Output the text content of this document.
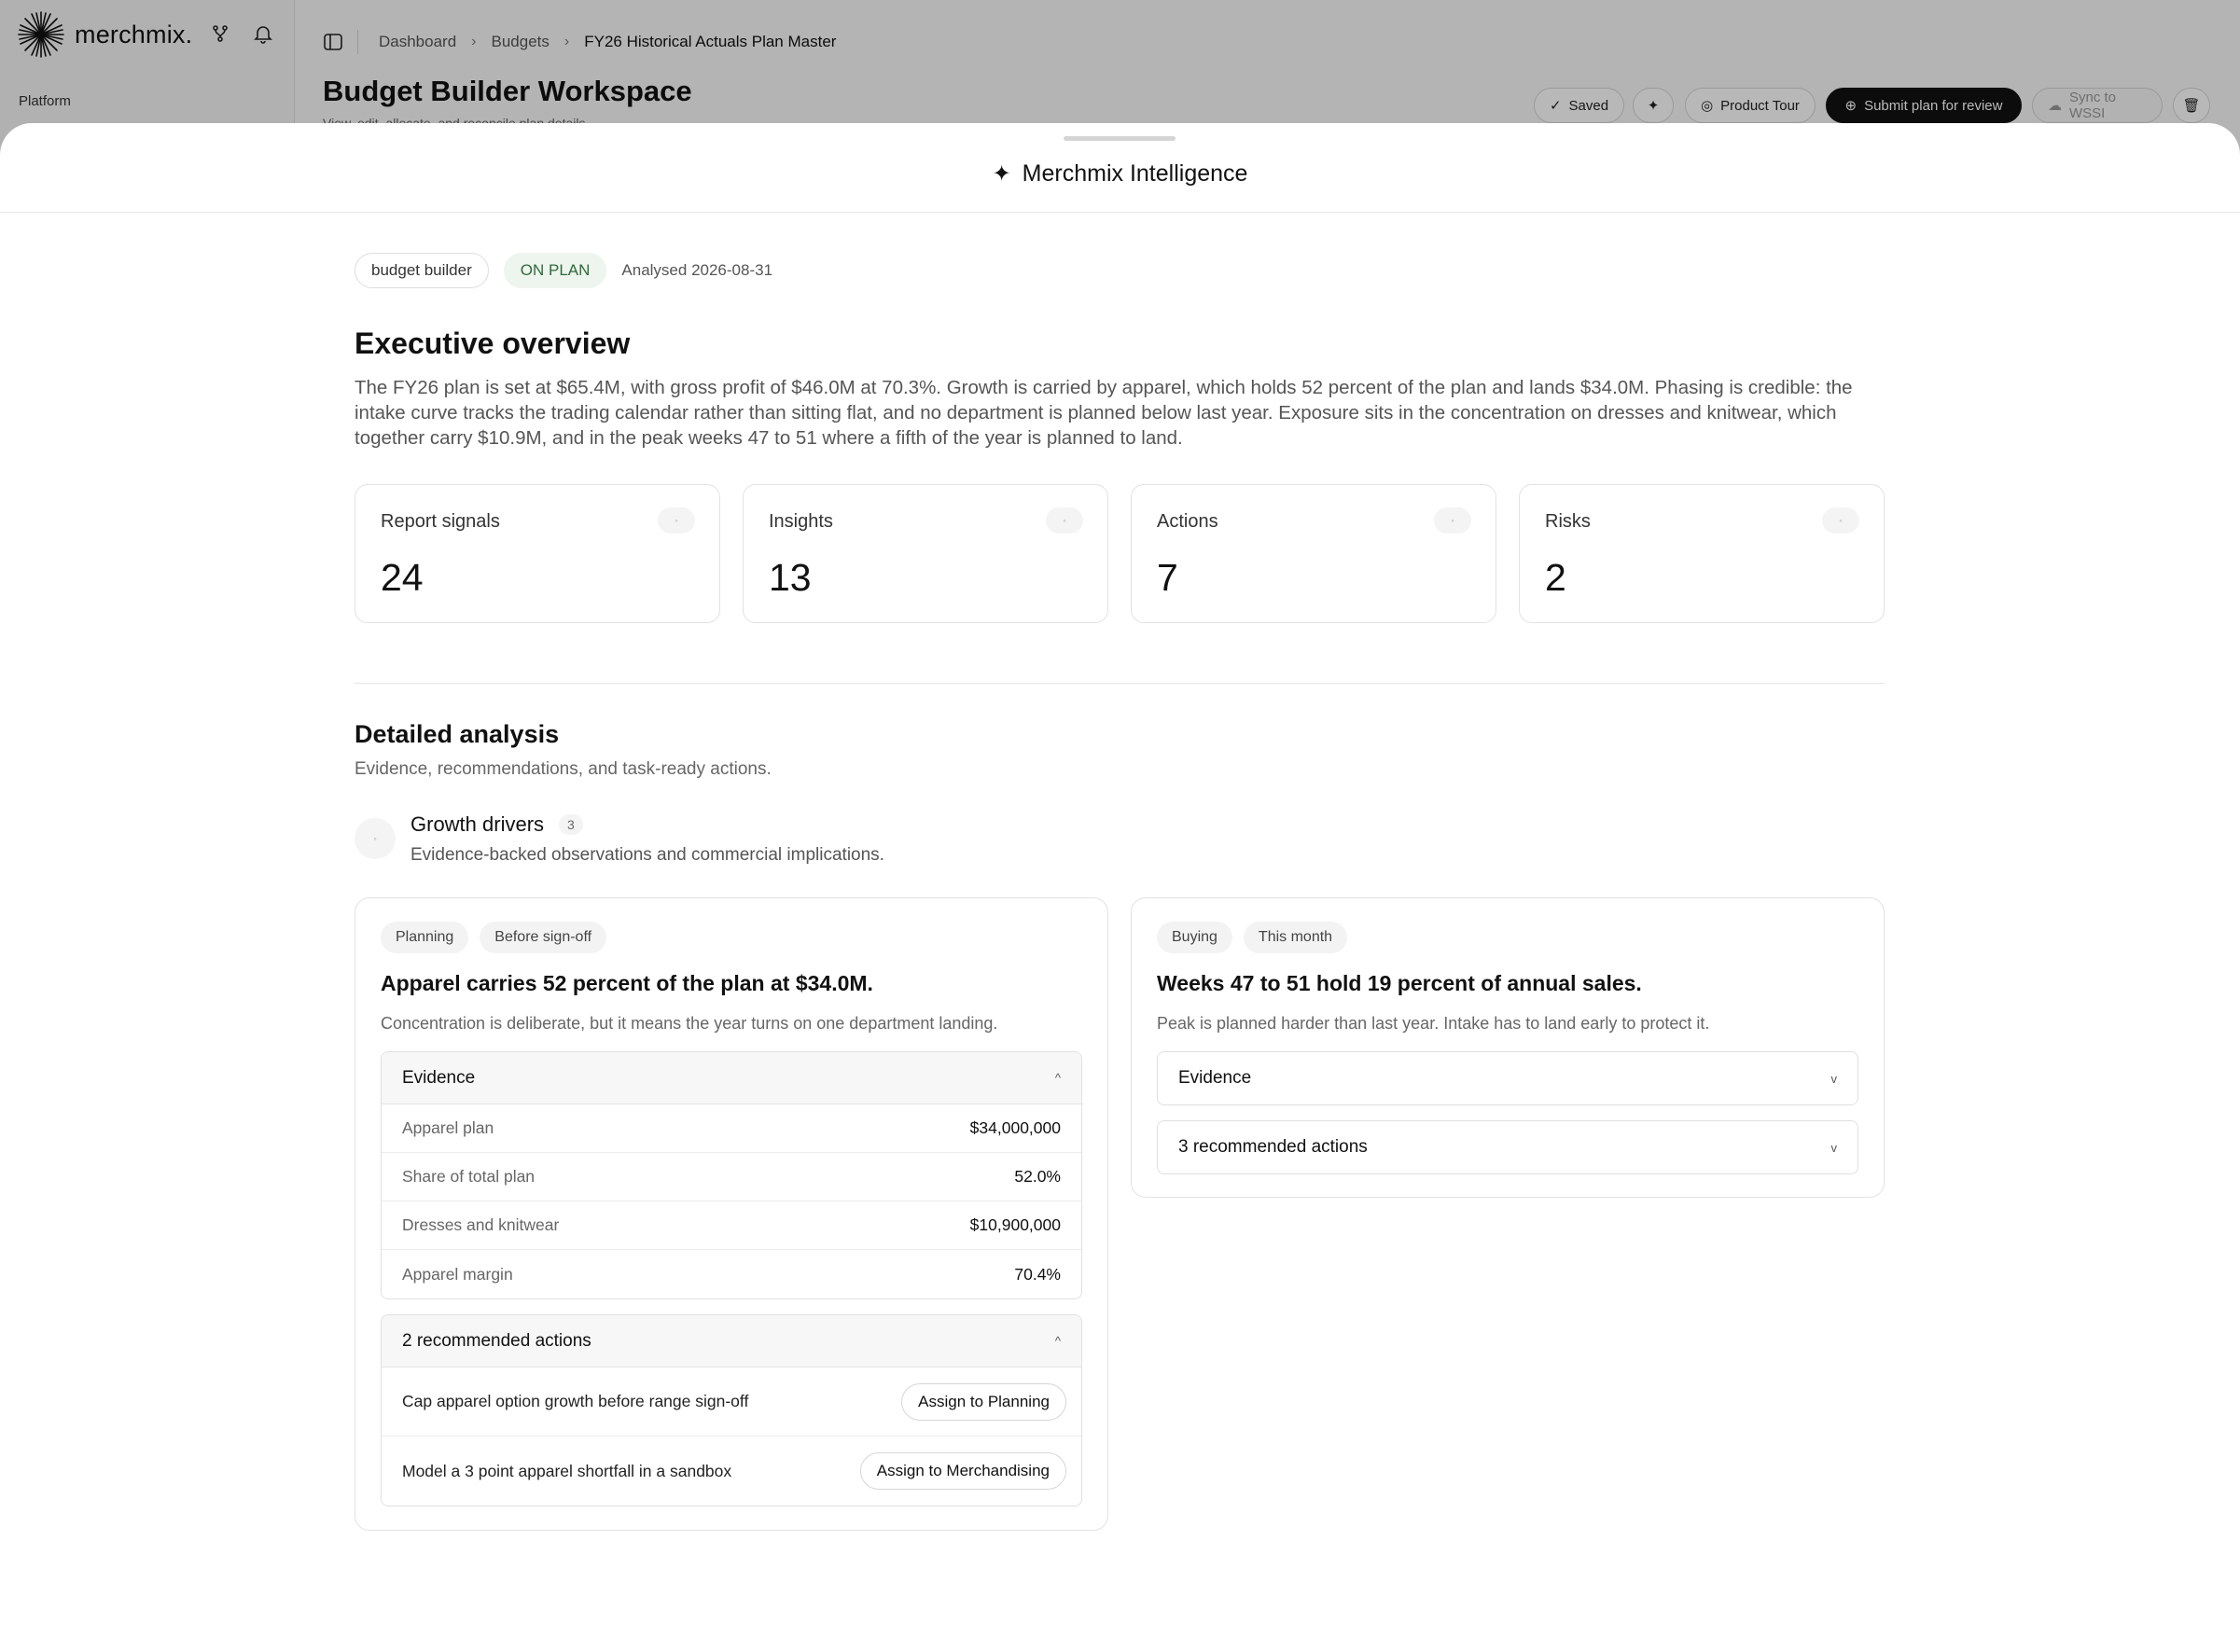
merchmix.
Platform
Dashboard › Budgets › FY26 Historical Actuals Plan Master
Budget Builder Workspace	✓ Saved	✦	◎ Product Tour	⊕ Submit plan for review	☁
Sync to WSSI	🗑
✦ Merchmix Intelligence
budget builder	ON PLAN	Analysed 2026-08-31
Executive overview

The FY26 plan is set at $65.4M, with gross profit of $46.0M at 70.3%. Growth is carried by apparel, which holds 52 percent of the plan and lands $34.0M. Phasing is credible: the intake curve tracks the trading calendar rather than sitting flat, and no department is planned below last year. Exposure sits in the concentration on dresses and knitwear, which together carry $10.9M, and in the peak weeks 47 to 51 where a fifth of the year is planned to land.

Report signals	◦
24
Insights	◦
13
Actions	◦
7
Risks	◦
2
Detailed analysis

Evidence, recommendations, and task-ready actions.

◦
Growth drivers	3

Evidence-backed observations and commercial implications.

Planning	Before sign-off
Apparel carries 52 percent of the plan at $34.0M.

Concentration is deliberate, but it means the year turns on one department landing.

Evidence	^
Apparel plan	$34,000,000
Share of total plan	52.0%
Dresses and knitwear	$10,900,000
Apparel margin	70.4%
2 recommended actions	^
Cap apparel option growth before range sign-off	Assign to Planning
Model a 3 point apparel shortfall in a sandbox	Assign to Merchandising
Buying	This month
Weeks 47 to 51 hold 19 percent of annual sales.

Peak is planned harder than last year. Intake has to land early to protect it.

Evidence	v
3 recommended actions	v
